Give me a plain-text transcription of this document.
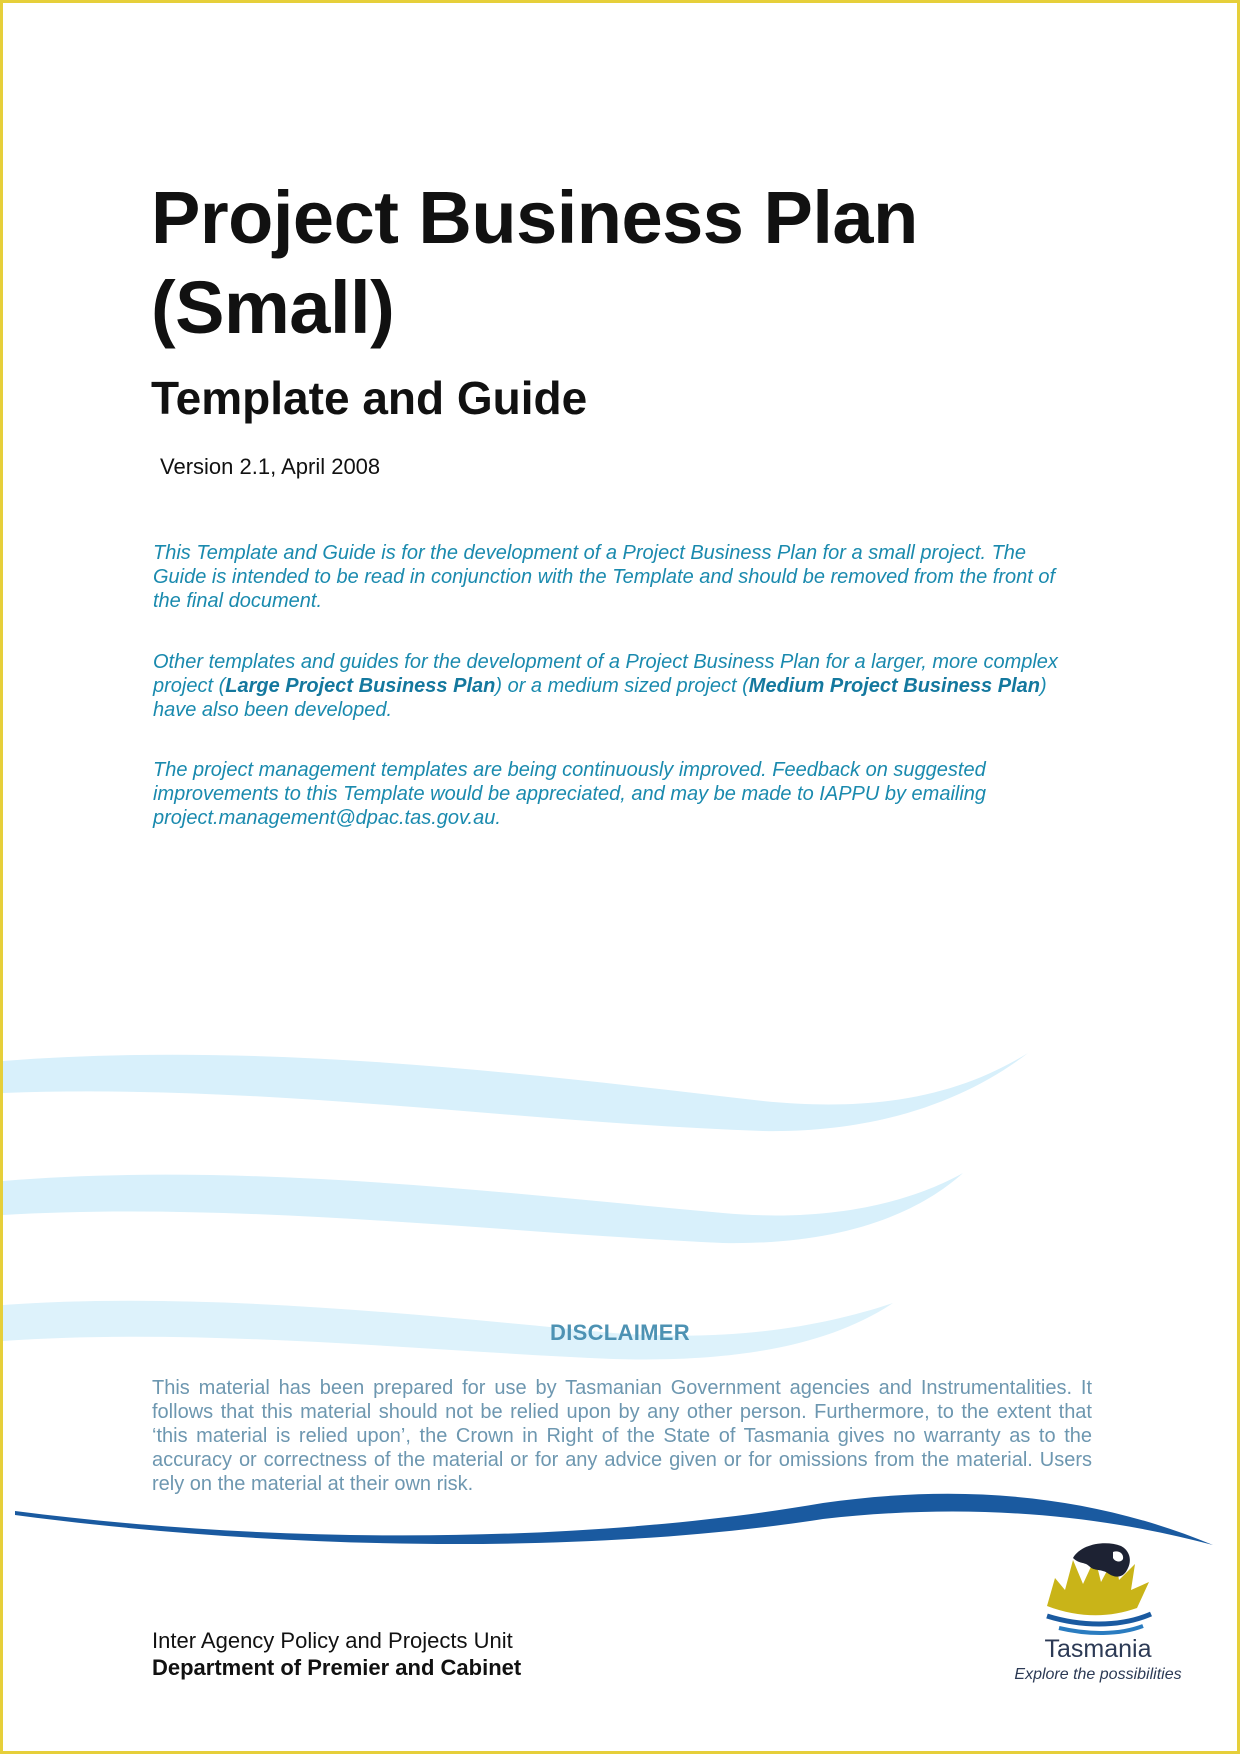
Project Business Plan
(Small)
Template and Guide
Version 2.1, April 2008

This Template and Guide is for the development of a Project Business Plan for a small project. The Guide is intended to be read in conjunction with the Template and should be removed from the front of the final document.

Other templates and guides for the development of a Project Business Plan for a larger, more complex project (Large Project Business Plan) or a medium sized project (Medium Project Business Plan) have also been developed.

The project management templates are being continuously improved. Feedback on suggested improvements to this Template would be appreciated, and may be made to IAPPU by emailing project.management@dpac.tas.gov.au.

DISCLAIMER

This material has been prepared for use by Tasmanian Government agencies and Instrumentalities. It follows that this material should not be relied upon by any other person. Furthermore, to the extent that ‘this material is relied upon’, the Crown in Right of the State of Tasmania gives no warranty as to the accuracy or correctness of the material or for any advice given or for omissions from the material. Users rely on the material at their own risk.

Inter Agency Policy and Projects Unit
Department of Premier and Cabinet
Tasmania
Explore the possibilities
